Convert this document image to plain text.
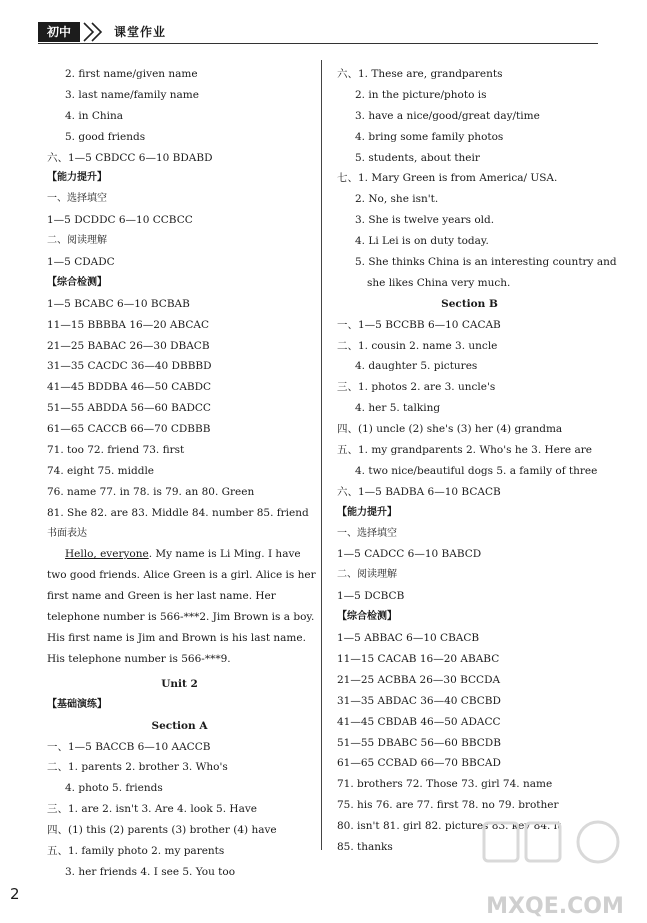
初中	课堂作业
2. first name/given name
3. last name/family name
4. in China
5. good friends
六、1—5 CBDCC 6—10 BDABD
【能力提升】
一、选择填空
1—5 DCDDC 6—10 CCBCC
二、阅读理解
1—5 CDADC
【综合检测】
1—5 BCABC 6—10 BCBAB
11—15 BBBBA 16—20 ABCAC
21—25 BABAC 26—30 DBACB
31—35 CACDC 36—40 DBBBD
41—45 BDDBA 46—50 CABDC
51—55 ABDDA 56—60 BADCC
61—65 CACCB 66—70 CDBBB
71. too 72. friend 73. first
74. eight 75. middle
76. name 77. in 78. is 79. an 80. Green
81. She 82. are 83. Middle 84. number 85. friend
书面表达
Hello, everyone. My name is Li Ming. I have
two good friends. Alice Green is a girl. Alice is her
first name and Green is her last name. Her
telephone number is 566-***2. Jim Brown is a boy.
His first name is Jim and Brown is his last name.
His telephone number is 566-***9.
Unit 2
【基础演练】
Section A
一、1—5 BACCB 6—10 AACCB
二、1. parents 2. brother 3. Who's
4. photo 5. friends
三、1. are 2. isn't 3. Are 4. look 5. Have
四、(1) this (2) parents (3) brother (4) have
五、1. family photo 2. my parents
3. her friends 4. I see 5. You too
六、1. These are, grandparents
2. in the picture/photo is
3. have a nice/good/great day/time
4. bring some family photos
5. students, about their
七、1. Mary Green is from America/ USA.
2. No, she isn't.
3. She is twelve years old.
4. Li Lei is on duty today.
5. She thinks China is an interesting country and
she likes China very much.
Section B
一、1—5 BCCBB 6—10 CACAB
二、1. cousin 2. name 3. uncle
4. daughter 5. pictures
三、1. photos 2. are 3. uncle's
4. her 5. talking
四、(1) uncle (2) she's (3) her (4) grandma
五、1. my grandparents 2. Who's he 3. Here are
4. two nice/beautiful dogs 5. a family of three
六、1—5 BADBA 6—10 BCACB
【能力提升】
一、选择填空
1—5 CADCC 6—10 BABCD
二、阅读理解
1—5 DCBCB
【综合检测】
1—5 ABBAC 6—10 CBACB
11—15 CACAB 16—20 ABABC
21—25 ACBBA 26—30 BCCDA
31—35 ABDAC 36—40 CBCBD
41—45 CBDAB 46—50 ADACC
51—55 DBABC 56—60 BBCDB
61—65 CCBAD 66—70 BBCAD
71. brothers 72. Those 73. girl 74. name
75. his 76. are 77. first 78. no 79. brother
80. isn't 81. girl 82. pictures 83. key 84. it
85. thanks
2	MXQE.COM
